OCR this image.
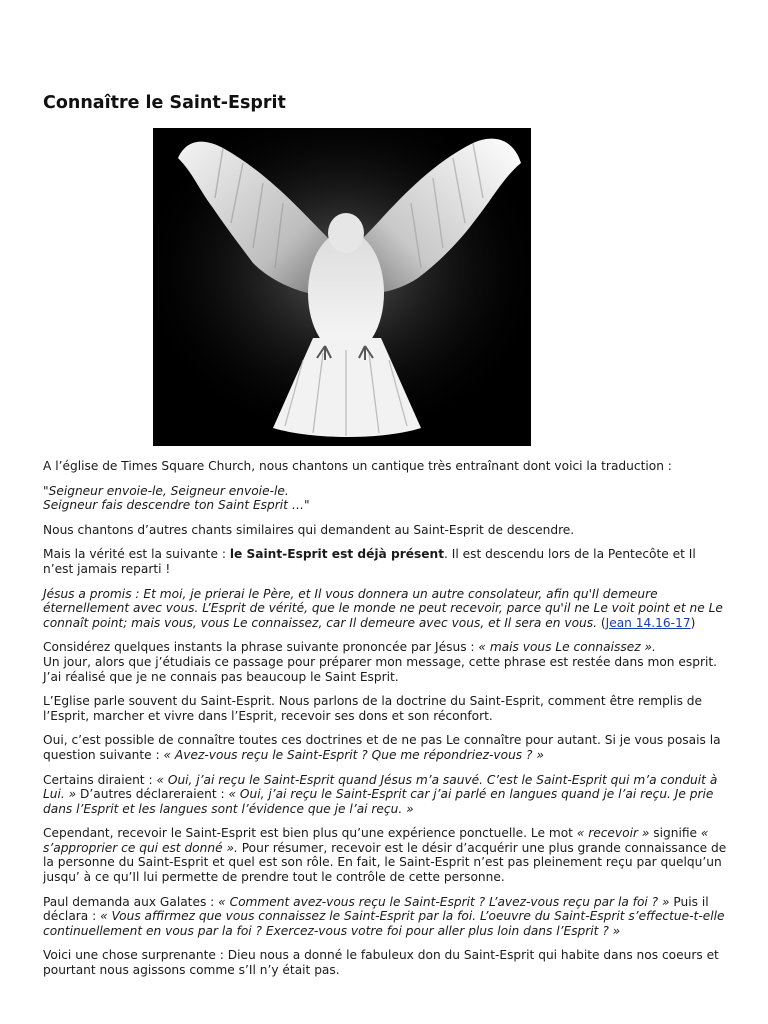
Connaître le Saint-Esprit

A l’église de Times Square Church, nous chantons un cantique très entraînant dont voici la traduction :

"Seigneur envoie-le, Seigneur envoie-le.
Seigneur fais descendre ton Saint Esprit …"

Nous chantons d’autres chants similaires qui demandent au Saint-Esprit de descendre.

Mais la vérité est la suivante : le Saint-Esprit est déjà présent. Il est descendu lors de la Pentecôte et Il n’est jamais reparti !

Jésus a promis : Et moi, je prierai le Père, et Il vous donnera un autre consolateur, afin qu'Il demeure éternellement avec vous. L’Esprit de vérité, que le monde ne peut recevoir, parce qu'il ne Le voit point et ne Le connaît point; mais vous, vous Le connaissez, car Il demeure avec vous, et Il sera en vous. (Jean 14.16-17)

Considérez quelques instants la phrase suivante prononcée par Jésus : « mais vous Le connaissez ».
Un jour, alors que j’étudiais ce passage pour préparer mon message, cette phrase est restée dans mon esprit.
J’ai réalisé que je ne connais pas beaucoup le Saint Esprit.

L’Eglise parle souvent du Saint-Esprit. Nous parlons de la doctrine du Saint-Esprit, comment être remplis de l’Esprit, marcher et vivre dans l’Esprit, recevoir ses dons et son réconfort.

Oui, c’est possible de connaître toutes ces doctrines et de ne pas Le connaître pour autant. Si je vous posais la question suivante : « Avez-vous reçu le Saint-Esprit ? Que me répondriez-vous ? »

Certains diraient : « Oui, j’ai reçu le Saint-Esprit quand Jésus m’a sauvé. C’est le Saint-Esprit qui m’a conduit à Lui. » D’autres déclareraient : « Oui, j’ai reçu le Saint-Esprit car j’ai parlé en langues quand je l’ai reçu. Je prie dans l’Esprit et les langues sont l’évidence que je l’ai reçu. »

Cependant, recevoir le Saint-Esprit est bien plus qu’une expérience ponctuelle. Le mot « recevoir » signifie « s’approprier ce qui est donné ». Pour résumer, recevoir est le désir d’acquérir une plus grande connaissance de la personne du Saint-Esprit et quel est son rôle. En fait, le Saint-Esprit n’est pas pleinement reçu par quelqu’un jusqu’ à ce qu’Il lui permette de prendre tout le contrôle de cette personne.

Paul demanda aux Galates : « Comment avez-vous reçu le Saint-Esprit ? L’avez-vous reçu par la foi ? » Puis il déclara : « Vous affirmez que vous connaissez le Saint-Esprit par la foi. L’oeuvre du Saint-Esprit s’effectue-t-elle continuellement en vous par la foi ? Exercez-vous votre foi pour aller plus loin dans l’Esprit ? »

Voici une chose surprenante : Dieu nous a donné le fabuleux don du Saint-Esprit qui habite dans nos coeurs et pourtant nous agissons comme s’Il n’y était pas.
